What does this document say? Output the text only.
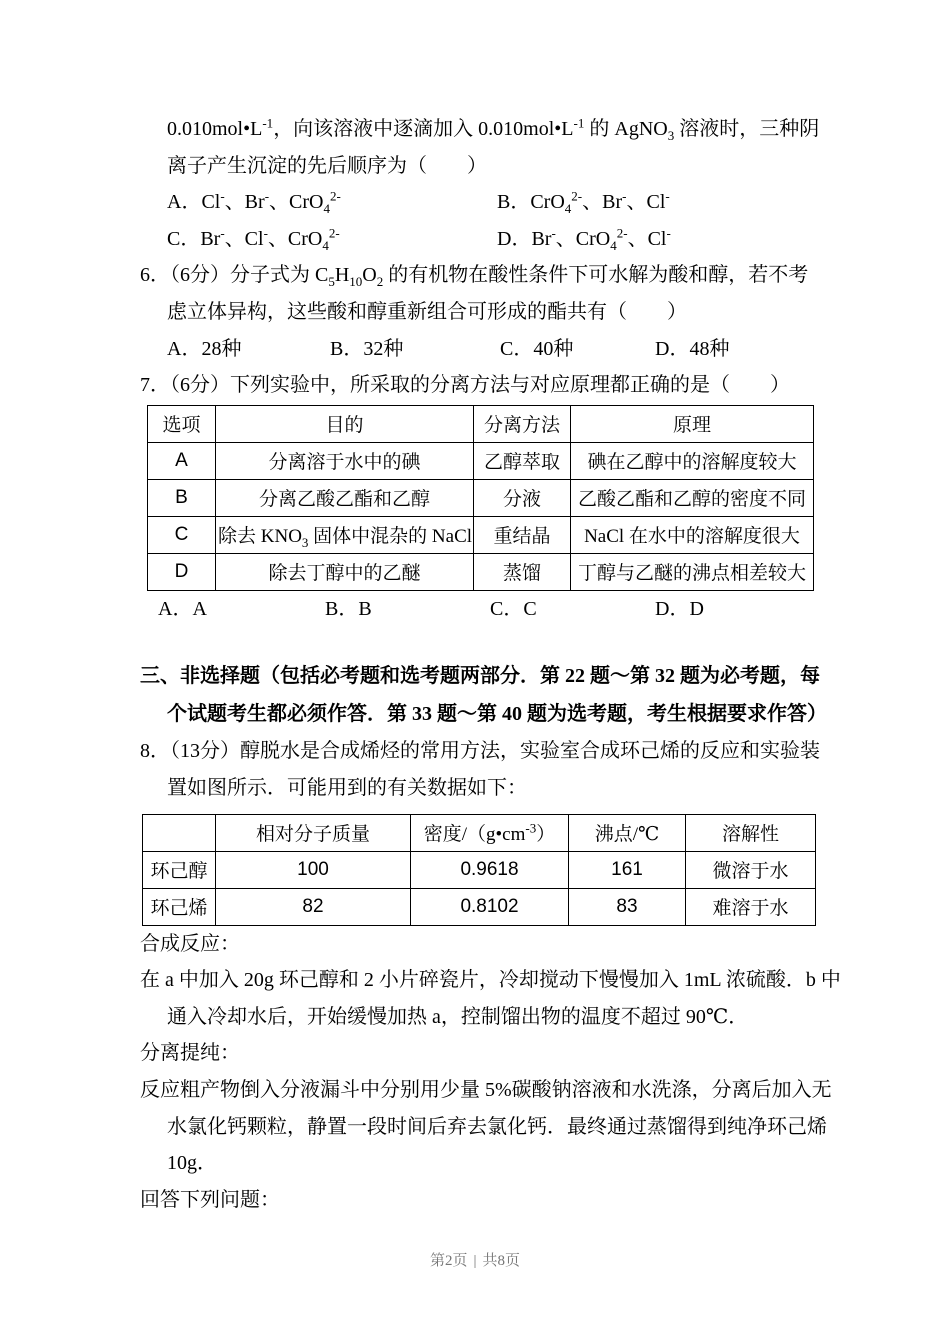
$0.010mol•L^{-1}$，向该溶液中逐滴加入 $0.010mol•L^{-1}$ 的 AgNO$_3$ 溶液时，三种阴
离子产生沉淀的先后顺序为（　　）
A．Cl-、Br-、CrO$_4^{2-}$	B．CrO$_4^{2-}$、Br-、Cl-
C．Br-、Cl-、CrO$_4^{2-}$	D．Br-、CrO$_4^{2-}$、Cl-
6．（6分）分子式为 $C_5H_{10}O_2$ 的有机物在酸性条件下可水解为酸和醇，若不考
虑立体异构，这些酸和醇重新组合可形成的酯共有（　　）
A．28种	B．32种	C．40种	D．48种
7．（6分）下列实验中，所采取的分离方法与对应原理都正确的是（　　）
选项	目的	分离方法	原理
A	分离溶于水中的碘	乙醇萃取	碘在乙醇中的溶解度较大
B	分离乙酸乙酯和乙醇	分液	乙酸乙酯和乙醇的密度不同
C	除去 $KNO_3$ 固体中混杂的 NaCl	重结晶	NaCl 在水中的溶解度很大
D	除去丁醇中的乙醚	蒸馏	丁醇与乙醚的沸点相差较大
A．A	B．B	C．C	D．D
三、非选择题（包括必考题和选考题两部分．第 22 题～第 32 题为必考题，每
个试题考生都必须作答．第 33 题～第 40 题为选考题，考生根据要求作答）
8．（13分）醇脱水是合成烯烃的常用方法，实验室合成环己烯的反应和实验装
置如图所示．可能用到的有关数据如下：
	相对分子质量	密度$/(g•cm^{-3})$	沸点/℃	溶解性
环己醇	100	0.9618	161	微溶于水
环己烯	82	0.8102	83	难溶于水
合成反应：
在 a 中加入 20g 环己醇和 2 小片碎瓷片，冷却搅动下慢慢加入 1mL 浓硫酸．b 中
通入冷却水后，开始缓慢加热 a，控制馏出物的温度不超过 90℃．
分离提纯：
反应粗产物倒入分液漏斗中分别用少量 5%碳酸钠溶液和水洗涤，分离后加入无
水氯化钙颗粒，静置一段时间后弃去氯化钙．最终通过蒸馏得到纯净环己烯
10g．
回答下列问题：
第2页 | 共8页
